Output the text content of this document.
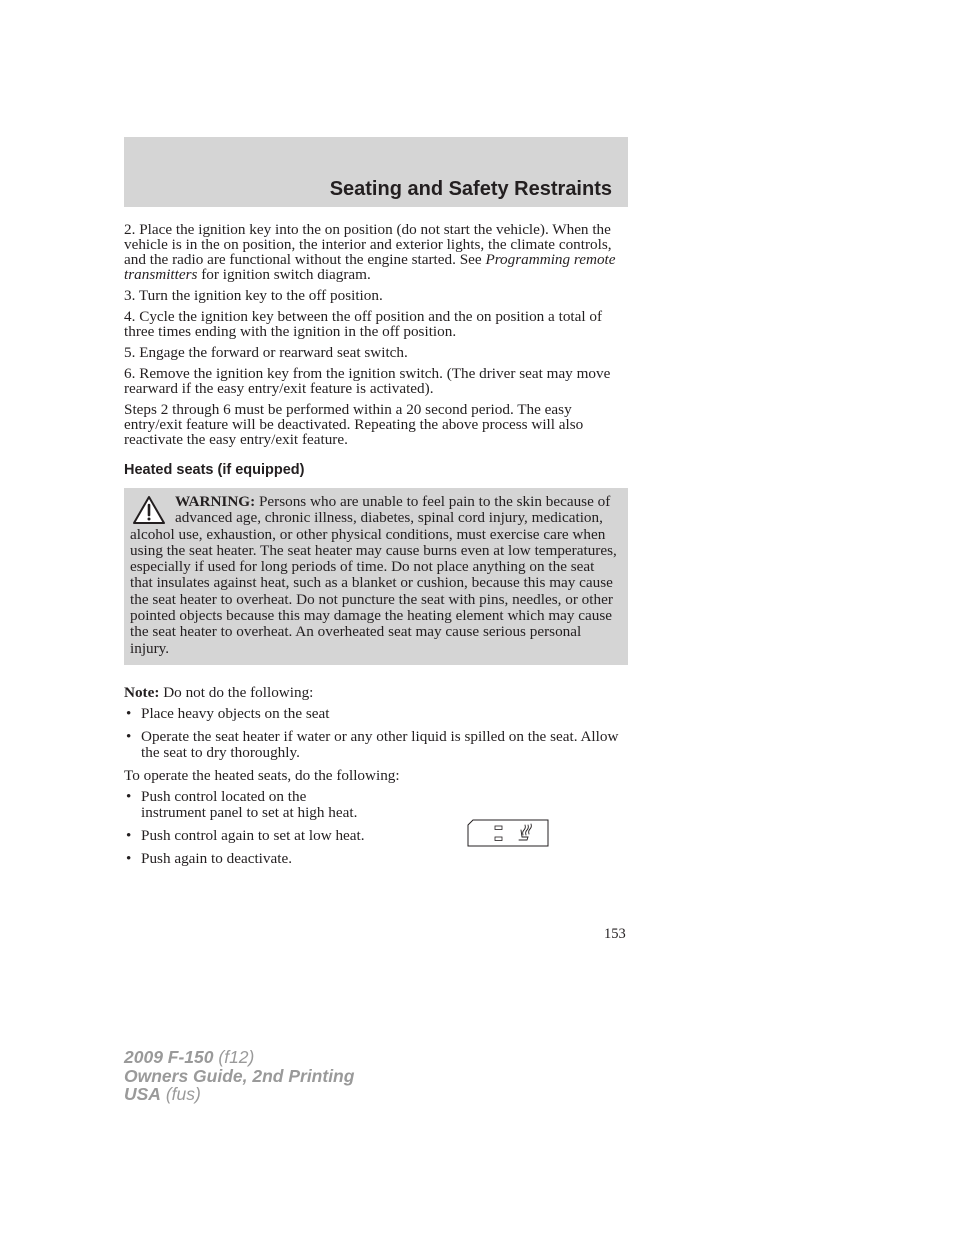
Seating and Safety Restraints

2. Place the ignition key into the on position (do not start the vehicle). When the vehicle is in the on position, the interior and exterior lights, the climate controls, and the radio are functional without the engine started. See Programming remote transmitters for ignition switch diagram.

3. Turn the ignition key to the off position.

4. Cycle the ignition key between the off position and the on position a total of three times ending with the ignition in the off position.

5. Engage the forward or rearward seat switch.

6. Remove the ignition key from the ignition switch. (The driver seat may move rearward if the easy entry/exit feature is activated).

Steps 2 through 6 must be performed within a 20 second period. The easy entry/exit feature will be deactivated. Repeating the above process will also reactivate the easy entry/exit feature.

Heated seats (if equipped)
WARNING: Persons who are unable to feel pain to the skin because of advanced age, chronic illness, diabetes, spinal cord injury, medication, alcohol use, exhaustion, or other physical conditions, must exercise care when using the seat heater. The seat heater may cause burns even at low temperatures, especially if used for long periods of time. Do not place anything on the seat that insulates against heat, such as a blanket or cushion, because this may cause the seat heater to overheat. Do not puncture the seat with pins, needles, or other pointed objects because this may damage the heating element which may cause the seat heater to overheat. An overheated seat may cause serious personal injury.

Note: Do not do the following:

• Place heavy objects on the seat
• Operate the seat heater if water or any other liquid is spilled on the seat. Allow the seat to dry thoroughly.

To operate the heated seats, do the following:

• Push control located on the instrument panel to set at high heat.
• Push control again to set at low heat.
• Push again to deactivate.
153
2009 F-150 (f12)
Owners Guide, 2nd Printing
USA (fus)
